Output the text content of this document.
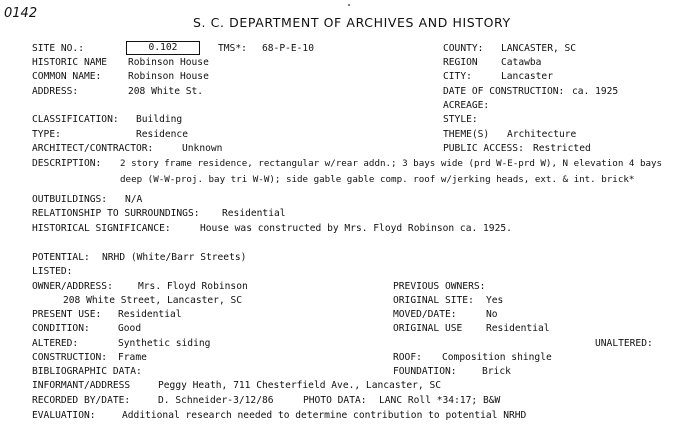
0142
S. C. DEPARTMENT OF ARCHIVES AND HISTORY
SITE NO.:	0.102	TMS*: 68-P-E-10
HISTORIC NAME Robinson House
COMMON NAME:	Robinson House
ADDRESS:	208 White St.
CLASSIFICATION: Building
TYPE:	Residence
ARCHITECT/CONTRACTOR:	Unknown
COUNTY: LANCASTER, SC
REGION Catawba
CITY:	Lancaster
DATE OF CONSTRUCTION: ca. 1925
ACREAGE:
STYLE:
THEME(S) Architecture
PUBLIC ACCESS: Restricted
DESCRIPTION: 2 story frame residence, rectangular w/rear addn.; 3 bays wide (prd W-E-prd W), N elevation 4 bays
deep (W-W-proj. bay tri W-W); side gable gable comp. roof w/jerking heads, ext. & int. brick*
OUTBUILDINGS: N/A
RELATIONSHIP TO SURROUNDINGS: Residential
HISTORICAL SIGNIFICANCE:	House was constructed by Mrs. Floyd Robinson ca. 1925.
POTENTIAL: NRHD (White/Barr Streets)
LISTED:
OWNER/ADDRESS:	Mrs. Floyd Robinson
208 White Street, Lancaster, SC
PRESENT USE: Residential
CONDITION:	Good
ALTERED:	Synthetic siding
CONSTRUCTION: Frame
BIBLIOGRAPHIC DATA:
INFORMANT/ADDRESS	Peggy Heath, 711 Chesterfield Ave., Lancaster, SC
RECORDED BY/DATE:	D. Schneider-3/12/86	PHOTO DATA: LANC Roll *34:17; B&W
EVALUATION:	Additional research needed to determine contribution to potential NRHD
PREVIOUS OWNERS:
ORIGINAL SITE: Yes
MOVED/DATE:	No
ORIGINAL USE Residential
UNALTERED:
ROOF: Composition shingle
FOUNDATION:	Brick
